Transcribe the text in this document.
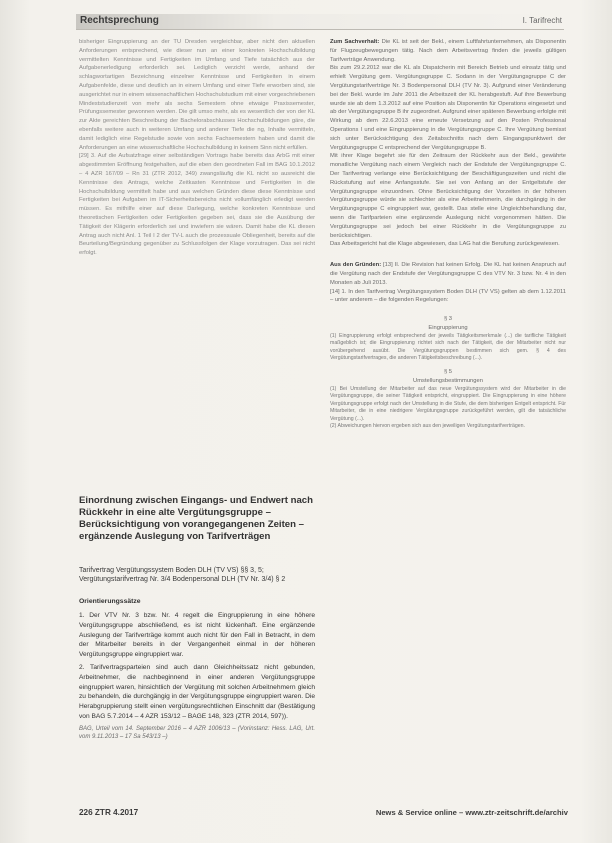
Rechtsprechung	I. Tarifrecht

bisheriger Eingruppierung an der TU Dresden vergleichbar, aber nicht den aktuellen Anforderungen entsprechend, wie dieser nun an einer konkreten Hochschulbildung vermittelten Kenntnisse und Fertigkeiten im Umfang und Tiefe tatsächlich aus der Aufgabenerledigung erforderlich sei. Lediglich verzicht werde, anhand der schlagwortartigen Bezeichnung einzelner Kenntnisse und Fertigkeiten in einem Aufgabenfelde, diese und deutlich an in einem Umfang und einer Tiefe erworben sind, sie ausgerichtet nur in einem wissenschaftlichen Hochschulstudium mit einer vorgeschriebenen Mindeststudienzeit von mehr als sechs Semestern ohne etwaige Praxissemester, Prüfungssemester gewonnen werden. Die gilt umso mehr, als es wesentlich der von der KL zur Akte gereichten Beschreibung der Bachelorabschlusses Hochschulbildungen gäre, die ebenfalls weitere auch in weiteren Umfang und anderer Tiefe die ng, Inhalte vermitteln, damit lediglich eine Regelstudie sowie von sechs Fachsemestern haben und damit die Anforderungen an eine wissenschaftliche Hochschulbildung in keinem Sinn nicht erfüllen.

[29] 3. Auf die Aufsatzfrage einer selbständigen Vortrags habe bereits das ArbG mit einer abgestimmten Eröffnung festgehalten, auf die eben den geordneten Fall im BAG 10.1.2012 – 4 AZR 167/09 – Rn 31 (ZTR 2012, 349) zwangsläufig die KL nicht so ausreicht die Kenntnisse des Antrags, welche Zeitkasten Kenntnisse und Fertigkeiten in die Hochschulbildung vermittelt habe und aus welchen Gründen diese diese Kenntnisse und Fertigkeiten bei Aufgaben im IT-Sicherheitsbereichs nicht vollumfänglich erledigt werden müssen. Es mithilfe einer auf diese Darlegung, welche konkreten Kenntnisse und theoretischen Fertigkeiten oder Fertigkeiten gegeben sei, dass sie die Ausübung der Tätigkeit der Klägerin erforderlich sei und inwiefern sie wären. Damit habe die KL diesen Antrag auch nicht Anl. 1 Teil I 2 der TV-L auch die prozessuale Obliegenheit, bereits auf die Beurteilung/Begründung gegenüber zu Schlussfolgen der Klage vorzutragen. Das sei nicht erfolgt.

Einordnung zwischen Eingangs- und Endwert nach Rückkehr in eine alte Vergütungsgruppe – Berücksichtigung von vorangegangenen Zeiten – ergänzende Auslegung von Tarifverträgen
Tarifvertrag Vergütungssystem Boden DLH (TV VS) §§ 3, 5; Vergütungstarifvertrag Nr. 3/4 Bodenpersonal DLH (TV Nr. 3/4) § 2
Orientierungssätze

1. Der VTV Nr. 3 bzw. Nr. 4 regelt die Eingruppierung in eine höhere Vergütungsgruppe abschließend, es ist nicht lückenhaft. Eine ergänzende Auslegung der Tarifverträge kommt auch nicht für den Fall in Betracht, in dem der Mitarbeiter bereits in der Vergangenheit einmal in der höheren Vergütungsgruppe eingruppiert war.

2. Tarifvertragsparteien sind auch dann Gleichheitssatz nicht gebunden, Arbeitnehmer, die nachbeginnend in einer anderen Vergütungsgruppe eingruppiert waren, hinsichtlich der Vergütung mit solchen Arbeitnehmern gleich zu behandeln, die durchgängig in der Vergütungsgruppe eingruppiert waren. Die Herabgruppierung stellt einen vergütungsrechtlichen Einschnitt dar (Bestätigung von BAG 5.7.2014 – 4 AZR 153/12 – BAGE 148, 323 (ZTR 2014, 597)).

BAG, Urteil vom 14. September 2016 – 4 AZR 1006/13 – (Vorinstanz: Hess. LAG, Urt. vom 9.11.2013 – 17 Sa 543/13 –)

Zum Sachverhalt: Die KL ist seit der Bekl., einem Luftfahrtunternehmen, als Disponentin für Flugzeugbewegungen tätig. Nach dem Arbeitsvertrag finden die jeweils gültigen Tarifverträge Anwendung.

Bis zum 29.2.2012 war die KL als Dispatcherin mit Bereich Betrieb und einsatz tätig und erhielt Vergütung gem. Vergütungsgruppe C. Sodann in der Vergütungsgruppe C der Vergütungstarifverträge Nr. 3 Bodenpersonal DLH (TV Nr. 3). Aufgrund einer Veränderung bei der Bekl. wurde im Jahr 2011 die Arbeitszeit der KL herabgestuft. Auf ihre Bewerbung wurde sie ab dem 1.3.2012 auf eine Position als Disponentin für Operations eingesetzt und ab der Vergütungsgruppe B ihr zugeordnet. Aufgrund einer späteren Bewerbung erfolgte mit Wirkung ab dem 22.6.2013 eine erneute Versetzung auf den Posten Professional Operations I und eine Eingruppierung in die Vergütungsgruppe C. Ihre Vergütung bemisst sich unter Berücksichtigung des Zeitabschnitts nach dem Eingangspunktwert der Vergütungsgruppe C entsprechend der Vergütungsgruppe B.

Mit ihrer Klage begehrt sie für den Zeitraum der Rückkehr aus der Bekl., gewährte monatliche Vergütung nach einem Vergleich nach der Endstufe der Vergütungsgruppe C. Der Tarifvertrag verlange eine Berücksichtigung der Beschäftigungszeiten und nicht die Rückstufung auf eine Anfangsstufe. Sie sei von Anfang an der Entgeltstufe der Vergütungsgruppe einzuordnen. Ohne Berücksichtigung der Vorzeiten in der höheren Vergütungsgruppe würde sie schlechter als eine Arbeitnehmerin, die durchgängig in der Vergütungsgruppe C eingruppiert war, gestellt. Das stelle eine Ungleichbehandlung dar, wenn die Tarifparteien eine ergänzende Auslegung nicht vorgenommen hätten. Die Vergütungsgruppe sei jedoch bei einer Rückkehr in die Vergütungsgruppe zu berücksichtigen.

Das Arbeitsgericht hat die Klage abgewiesen, das LAG hat die Berufung zurückgewiesen.

Aus den Gründen: [13] II. Die Revision hat keinen Erfolg. Die KL hat keinen Anspruch auf die Vergütung nach der Endstufe der Vergütungsgruppe C des VTV Nr. 3 bzw. Nr. 4 in den Monaten ab Juli 2013.

[14] 1. In den Tarifvertrag Vergütungssystem Boden DLH (TV VS) gelten ab dem 1.12.2011 – unter anderem – die folgenden Regelungen:

§ 3
Eingruppierung

(1) Eingruppierung erfolgt entsprechend der jeweils Tätigkeitsmerkmale (...) die tarifliche Tätigkeit maßgeblich ist; die Eingruppierung richtet sich nach der Tätigkeit, die der Mitarbeiter nicht nur vorübergehend ausübt. Die Vergütungsgruppen bestimmen sich gem. § 4 des Vergütungstarifvertrages, die anderen Tätigkeitsbeschreibung (...).

§ 5
Umstellungsbestimmungen

(1) Bei Umstellung der Mitarbeiter auf das neue Vergütungssystem wird der Mitarbeiter in die Vergütungsgruppe, die seiner Tätigkeit entspricht, eingruppiert. Die Eingruppierung in eine höhere Vergütungsgruppe erfolgt nach der Umstellung in die Stufe, die dem bisherigen Entgelt entspricht. Für Mitarbeiter, die in eine niedrigere Vergütungsgruppe zurückgeführt werden, gilt die tatsächliche Vergütung (...).

(2) Abweichungen hiervon ergeben sich aus den jeweiligen Vergütungstarifverträgen.

226 ZTR 4.2017	News & Service online – www.ztr-zeitschrift.de/archiv
